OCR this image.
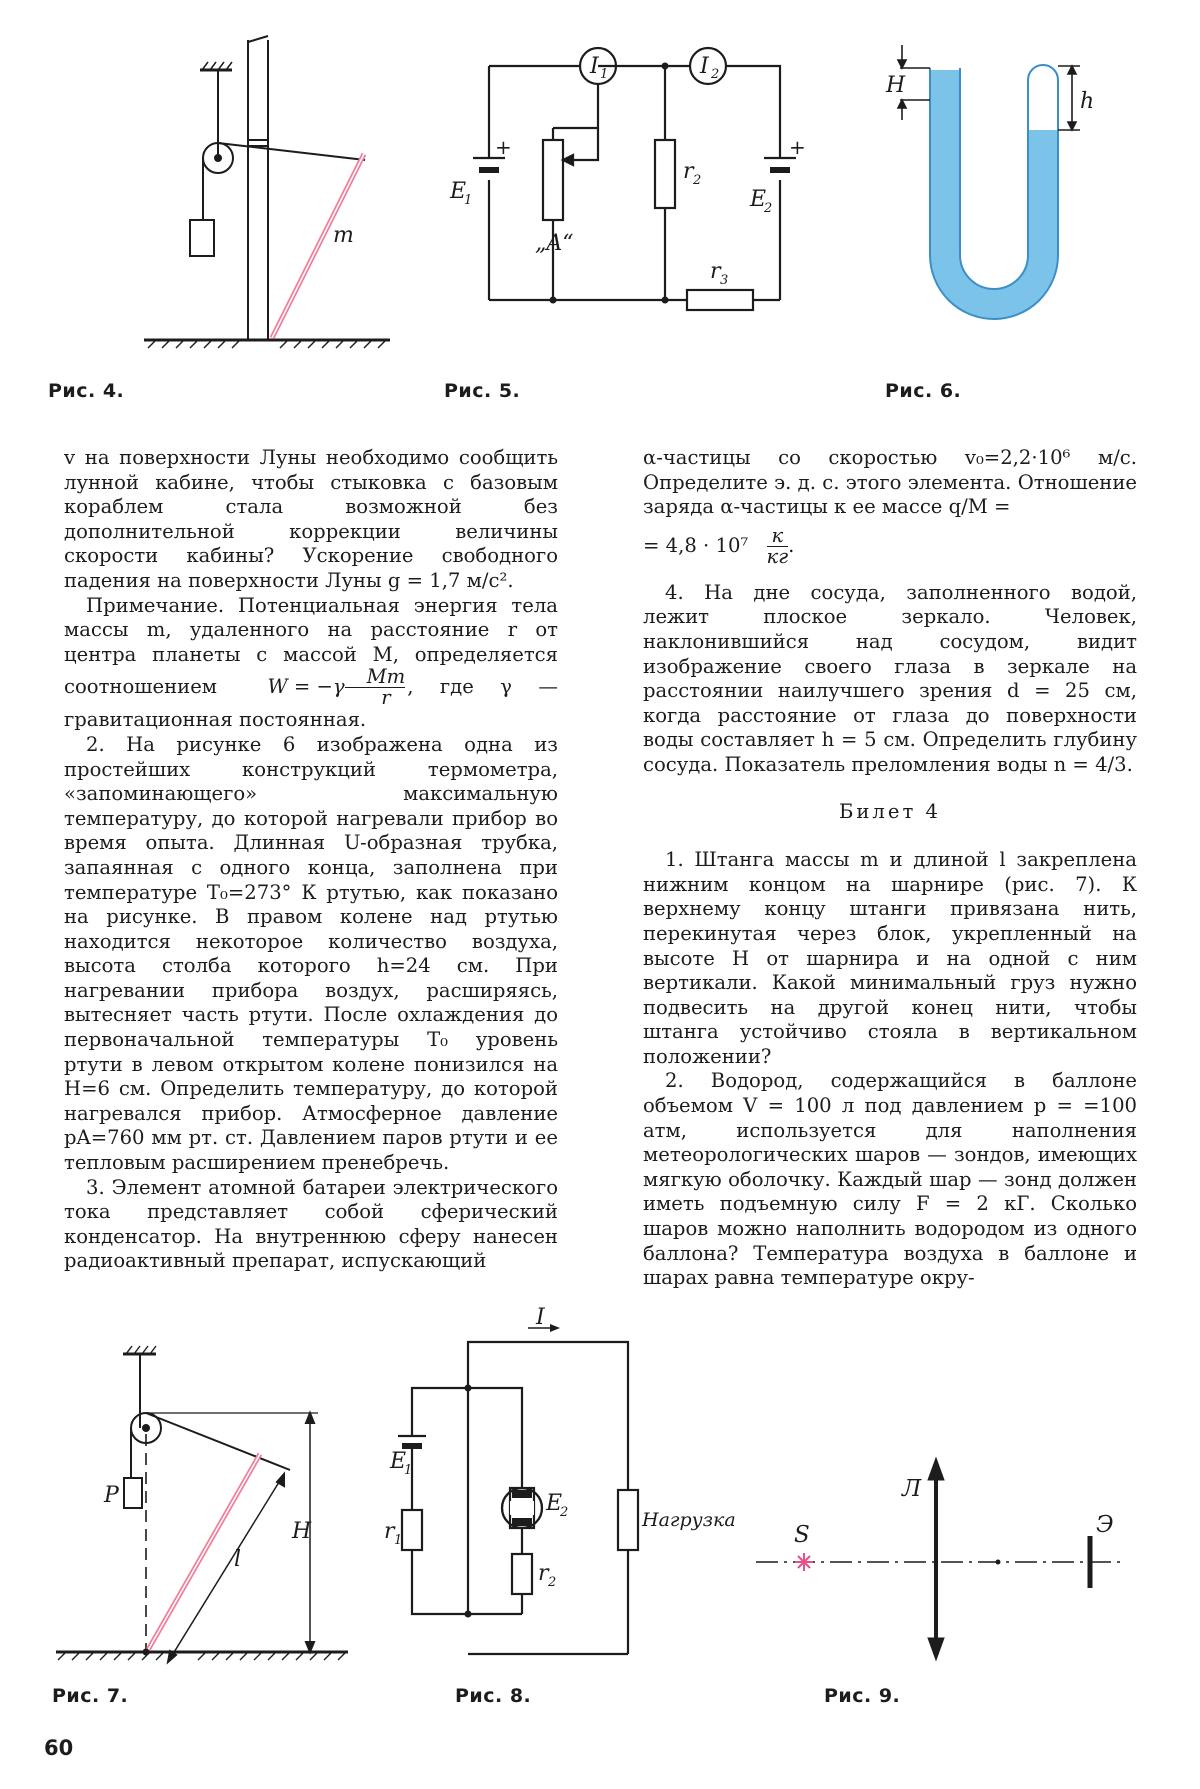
m
Рис. 4.
I 1	I 2
+	+
E
1
„A“
r 2
E
2
r 3
Рис. 5.
H
h
Рис. 6.

v на поверхности Луны необходимо сообщить лунной кабине, чтобы стыковка с базовым кораблем стала возможной без дополнительной коррекции величины скорости кабины? Ускорение свободного падения на поверхности Луны g = 1,7 м/с².

Примечание. Потенциальная энергия тела массы m, удаленного на расстояние r от центра планеты с массой M, определяется соотношением	$W = -\gamma \frac{Mm}{r}$ , где γ — гравитационная постоянная.

2. На рисунке 6 изображена одна из простейших конструкций термометра, «запоминающего» максимальную температуру, до которой нагревали прибор во время опыта. Длинная U-образная трубка, запаянная с одного конца, заполнена при температуре T₀=273° К ртутью, как показано на рисунке. В правом колене над ртутью находится некоторое количество воздуха, высота столба которого h=24 см. При нагревании прибора воздух, расширяясь, вытесняет часть ртути. После охлаждения до первоначальной температуры T₀ уровень ртути в левом открытом колене понизился на H=6 см. Определить температуру, до которой нагревался прибор. Атмосферное давление pA=760 мм рт. ст. Давлением паров ртути и ее тепловым расширением пренебречь.

3. Элемент атомной батареи электрического тока представляет собой сферический конденсатор. На внутреннюю сферу нанесен радиоактивный препарат, испускающий

α-частицы со скоростью v₀=2,2·10⁶ м/с. Определите э. д. с. этого элемента. Отношение заряда α-частицы к ее массе q/M =
= 4,8 · 10⁷ к
кг .

4. На дне сосуда, заполненного водой, лежит плоское зеркало. Человек, наклонившийся над сосудом, видит изображение своего глаза в зеркале на расстоянии наилучшего зрения d = 25 см, когда расстояние от глаза до поверхности воды составляет h = 5 см. Определить глубину сосуда. Показатель преломления воды n = 4/3.

Билет 4

1. Штанга массы m и длиной l закреплена нижним концом на шарнире (рис. 7). К верхнему концу штанги привязана нить, перекинутая через блок, укрепленный на высоте H от шарнира и на одной с ним вертикали. Какой минимальный груз нужно подвесить на другой конец нити, чтобы штанга устойчиво стояла в вертикальном положении?

2. Водород, содержащийся в баллоне объемом V = 100 л под давлением p = =100 атм, используется для наполнения метеорологических шаров — зондов, имеющих мягкую оболочку. Каждый шар — зонд должен иметь подъемную силу F = 2 кГ. Сколько шаров можно наполнить водородом из одного баллона? Температура воздуха в баллоне и шарах равна температуре окру-

P
l
H
Рис. 7.
I
E
1
E
2
r 1
r 2
Нагрузка
Рис. 8.
S
Л
Э
Рис. 9.
60
